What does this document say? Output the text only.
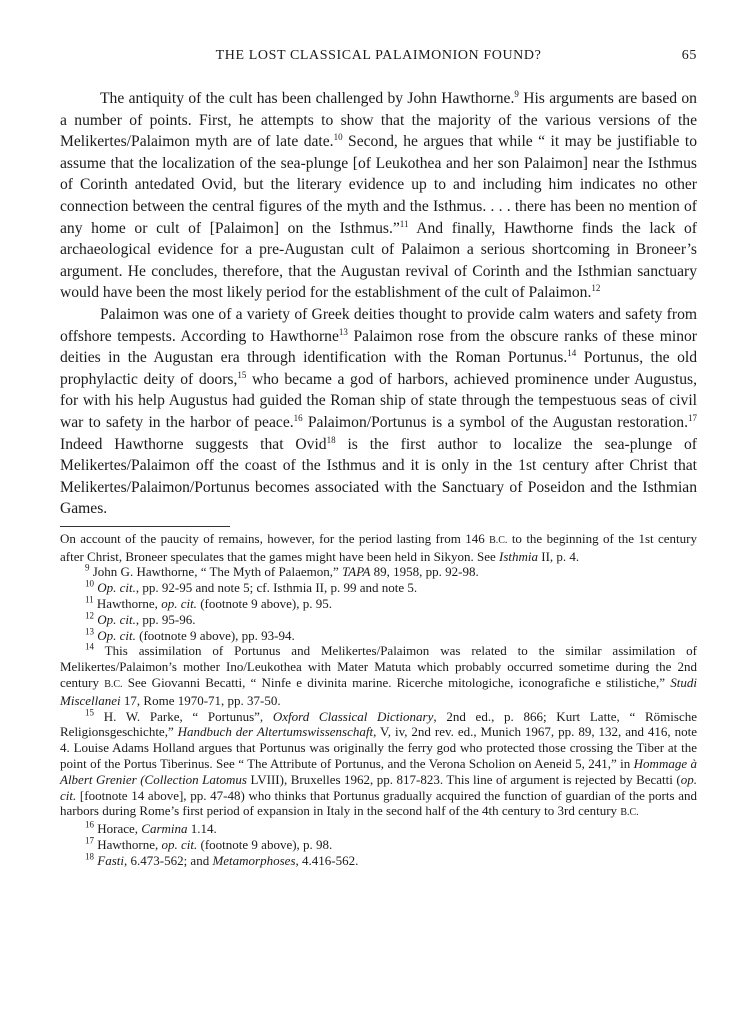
THE LOST CLASSICAL PALAIMONION FOUND?	65

The antiquity of the cult has been challenged by John Hawthorne.$^9$ His arguments are based on a number of points. First, he attempts to show that the majority of the various versions of the Melikertes/Palaimon myth are of late date.$^{10}$ Second, he argues that while “ it may be justifiable to assume that the localization of the sea-plunge [of Leukothea and her son Palaimon] near the Isthmus of Corinth antedated Ovid, but the literary evidence up to and including him indicates no other connection between the central figures of the myth and the Isthmus. . . . there has been no mention of any home or cult of [Palaimon] on the Isthmus.”$^{11}$ And finally, Hawthorne finds the lack of archaeological evidence for a pre-Augustan cult of Palaimon a serious shortcoming in Broneer’s argument. He concludes, therefore, that the Augustan revival of Corinth and the Isthmian sanctuary would have been the most likely period for the establishment of the cult of Palaimon.$^{12}$

Palaimon was one of a variety of Greek deities thought to provide calm waters and safety from offshore tempests. According to Hawthorne$^{13}$ Palaimon rose from the obscure ranks of these minor deities in the Augustan era through identification with the Roman Portunus.$^{14}$ Portunus, the old prophylactic deity of doors,$^{15}$ who became a god of harbors, achieved prominence under Augustus, for with his help Augustus had guided the Roman ship of state through the tempestuous seas of civil war to safety in the harbor of peace.$^{16}$ Palaimon/Portunus is a symbol of the Augustan restoration.$^{17}$ Indeed Hawthorne suggests that Ovid$^{18}$ is the first author to localize the sea-plunge of Melikertes/Palaimon off the coast of the Isthmus and it is only in the 1st century after Christ that Melikertes/Palaimon/Portunus becomes associated with the Sanctuary of Poseidon and the Isthmian Games.

On account of the paucity of remains, however, for the period lasting from 146 B.C. to the beginning of the 1st century after Christ, Broneer speculates that the games might have been held in Sikyon. See Isthmia II, p. 4.

$^9$ John G. Hawthorne, “ The Myth of Palaemon,” TAPA 89, 1958, pp. 92-98.

$^{10}$ Op. cit., pp. 92-95 and note 5; cf. Isthmia II, p. 99 and note 5.

$^{11}$ Hawthorne, op. cit. (footnote 9 above), p. 95.

$^{12}$ Op. cit., pp. 95-96.

$^{13}$ Op. cit. (footnote 9 above), pp. 93-94.

$^{14}$ This assimilation of Portunus and Melikertes/Palaimon was related to the similar assimilation of Melikertes/Palaimon’s mother Ino/Leukothea with Mater Matuta which probably occurred sometime during the 2nd century B.C. See Giovanni Becatti, “ Ninfe e divinita marine. Ricerche mitologiche, iconografiche e stilistiche,” Studi Miscellanei 17, Rome 1970-71, pp. 37-50.

$^{15}$ H. W. Parke, “ Portunus”, Oxford Classical Dictionary, 2nd ed., p. 866; Kurt Latte, “ Römische Religionsgeschichte,” Handbuch der Altertumswissenschaft, V, iv, 2nd rev. ed., Munich 1967, pp. 89, 132, and 416, note 4. Louise Adams Holland argues that Portunus was originally the ferry god who protected those crossing the Tiber at the point of the Portus Tiberinus. See “ The Attribute of Portunus, and the Verona Scholion on Aeneid 5, 241,” in Hommage à Albert Grenier (Collection Latomus LVIII), Bruxelles 1962, pp. 817-823. This line of argument is rejected by Becatti (op. cit. [footnote 14 above], pp. 47-48) who thinks that Portunus gradually acquired the function of guardian of the ports and harbors during Rome’s first period of expansion in Italy in the second half of the 4th century to 3rd century B.C.

$^{16}$ Horace, Carmina 1.14.

$^{17}$ Hawthorne, op. cit. (footnote 9 above), p. 98.

$^{18}$ Fasti, 6.473-562; and Metamorphoses, 4.416-562.
